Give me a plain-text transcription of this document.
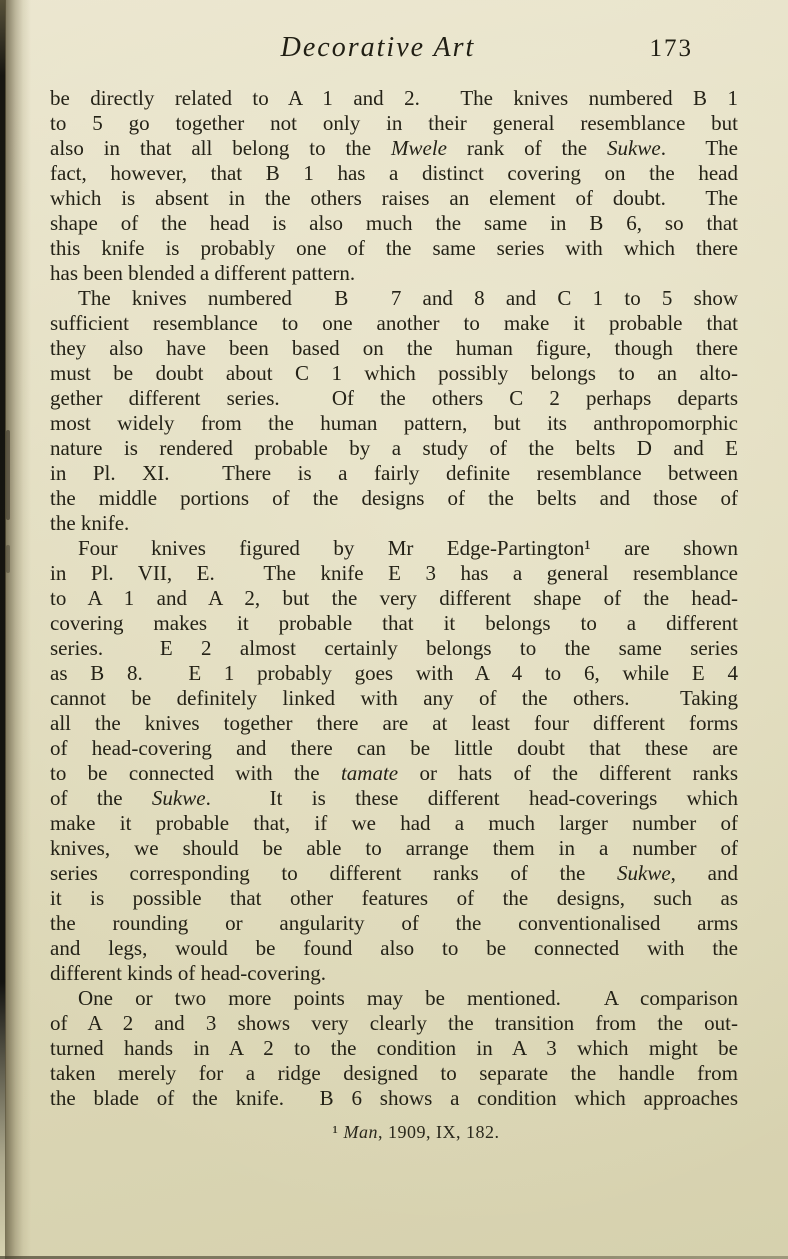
Decorative Art	173
be directly related to A 1 and 2.  The knives numbered B 1
to 5 go together not only in their general resemblance but
also in that all belong to the Mwele rank of the Sukwe.  The
fact, however, that B 1 has a distinct covering on the head
which is absent in the others raises an element of doubt.  The
shape of the head is also much the same in B 6, so that
this knife is probably one of the same series with which there
has been blended a different pattern.
The knives numbered  B  7 and 8 and C 1 to 5 show
sufficient resemblance to one another to make it probable that
they also have been based on the human figure, though there
must be doubt about C 1 which possibly belongs to an alto-
gether different series.  Of the others C 2 perhaps departs
most widely from the human pattern, but its anthropomorphic
nature is rendered probable by a study of the belts D and E
in Pl. XI.  There is a fairly definite resemblance between
the middle portions of the designs of the belts and those of
the knife.
Four knives figured by Mr Edge-Partington¹ are shown
in Pl. VII, E.  The knife E 3 has a general resemblance
to A 1 and A 2, but the very different shape of the head-
covering makes it probable that it belongs to a different
series.  E 2 almost certainly belongs to the same series
as B 8.  E 1 probably goes with A 4 to 6, while E 4
cannot be definitely linked with any of the others.  Taking
all the knives together there are at least four different forms
of head-covering and there can be little doubt that these are
to be connected with the tamate or hats of the different ranks
of the Sukwe.  It is these different head-coverings which
make it probable that, if we had a much larger number of
knives, we should be able to arrange them in a number of
series corresponding to different ranks of the Sukwe, and
it is possible that other features of the designs, such as
the rounding or angularity of the conventionalised arms
and legs, would be found also to be connected with the
different kinds of head-covering.
One or two more points may be mentioned.  A comparison
of A 2 and 3 shows very clearly the transition from the out-
turned hands in A 2 to the condition in A 3 which might be
taken merely for a ridge designed to separate the handle from
the blade of the knife.  B 6 shows a condition which approaches
¹ Man, 1909, IX, 182.
